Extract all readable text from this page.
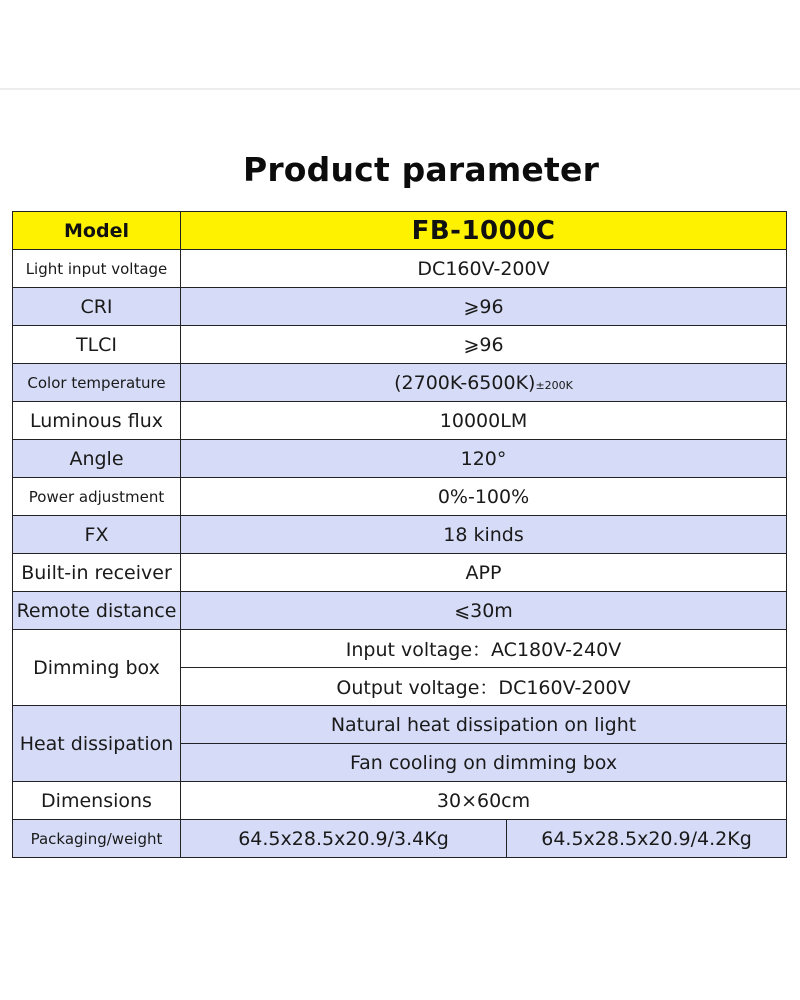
Product parameter
Model	FB-1000C	
Light input voltage	DC160V-200V	
CRI	⩾96	
TLCI	⩾96	
Color temperature	(2700K-6500K)±200K	
Luminous flux	10000LM	
Angle	120°	
Power adjustment	0%-100%	
FX	18 kinds	
Built-in receiver	APP	
Remote distance	⩽30m	
Dimming box	Input voltage：AC180V-240V	
	Output voltage：DC160V-200V	
Heat dissipation	Natural heat dissipation on light	
	Fan cooling on dimming box	
Dimensions	30×60cm	
Packaging/weight	64.5x28.5x20.9/3.4Kg	64.5x28.5x20.9/4.2Kg
